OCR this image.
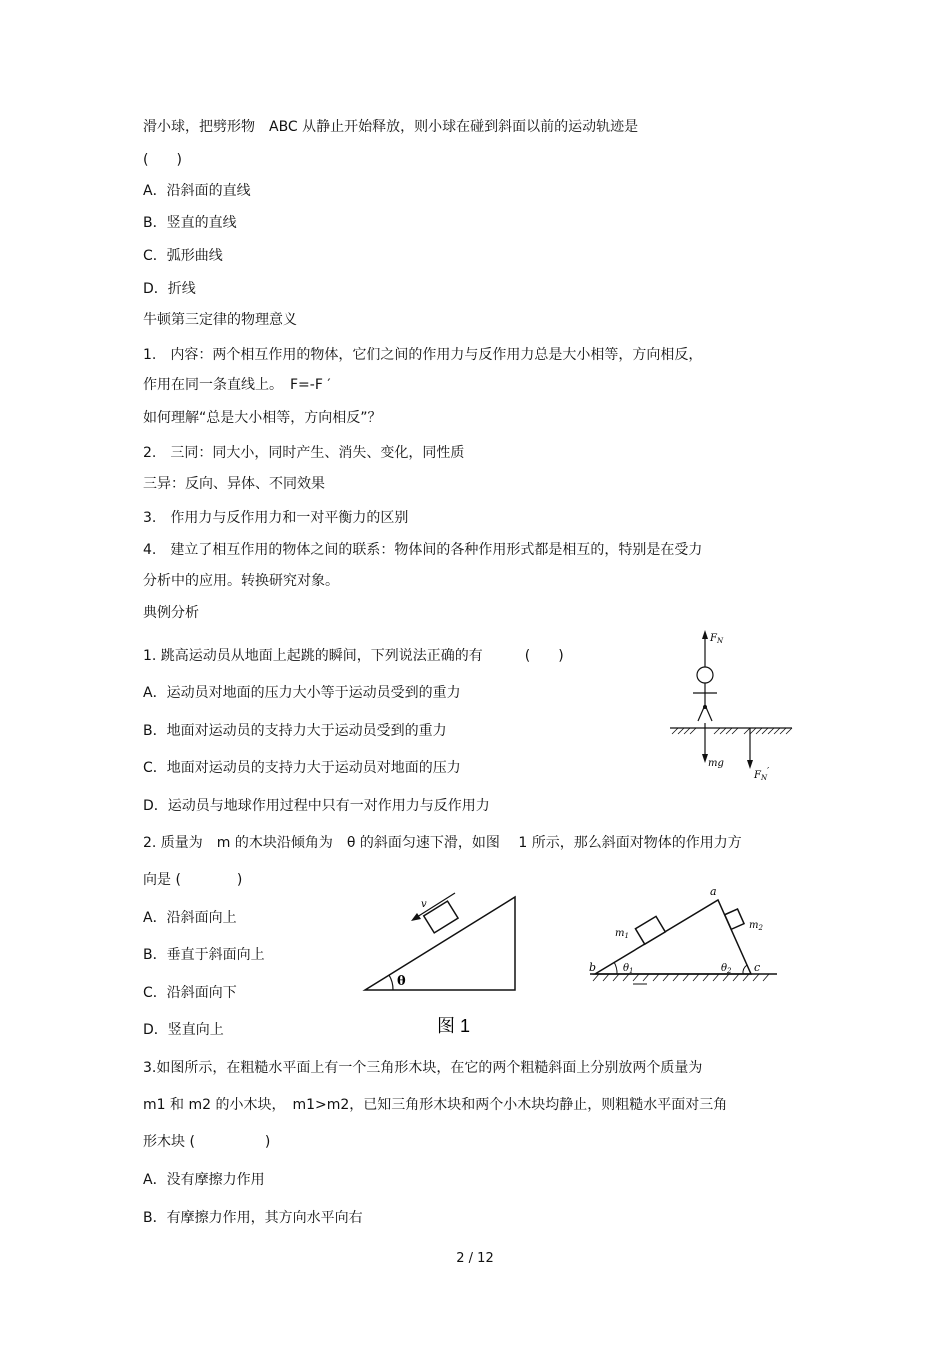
滑小球，把劈形物　ABC 从静止开始释放，则小球在碰到斜面以前的运动轨迹是
(　　)
A．沿斜面的直线
B．竖直的直线
C．弧形曲线
D．折线
牛顿第三定律的物理意义
1.　内容：两个相互作用的物体，它们之间的作用力与反作用力总是大小相等，方向相反，
作用在同一条直线上。　F=-F ′
如何理解“总是大小相等，方向相反”？
2.　三同：同大小，同时产生、消失、变化，同性质
三异：反向、异体、不同效果
3.　作用力与反作用力和一对平衡力的区别
4.　建立了相互作用的物体之间的联系：物体间的各种作用形式都是相互的，特别是在受力
分析中的应用。转换研究对象。
典例分析
1. 跳高运动员从地面上起跳的瞬间，下列说法正确的有　　　(　　)
A．运动员对地面的压力大小等于运动员受到的重力
B．地面对运动员的支持力大于运动员受到的重力
C．地面对运动员的支持力大于运动员对地面的压力
D．运动员与地球作用过程中只有一对作用力与反作用力
2. 质量为　m 的木块沿倾角为　θ 的斜面匀速下滑，如图　 1 所示，那么斜面对物体的作用力方
向是 (　　　　)
A．沿斜面向上
B．垂直于斜面向上
C．沿斜面向下
D．竖直向上
3.如图所示，在粗糙水平面上有一个三角形木块，在它的两个粗糙斜面上分别放两个质量为
m1 和 m2 的小木块，　m1>m2，已知三角形木块和两个小木块均静止，则粗糙水平面对三角
形木块 (　　　　　)
A．没有摩擦力作用
B．有摩擦力作用，其方向水平向右
$F_N$
mg
$F_N'$
v
θ
图 1
a
b	c
$m_1$
$m_2$
$\theta_1$	$\theta_2$
2 / 12
